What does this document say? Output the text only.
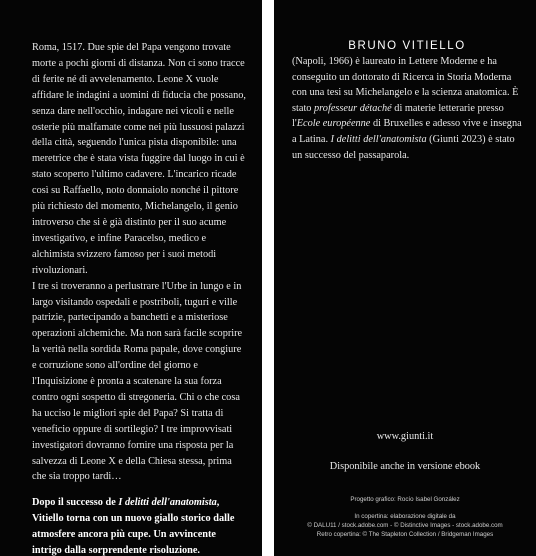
Roma, 1517. Due spie del Papa vengono trovate morte a pochi giorni di distanza. Non ci sono tracce di ferite né di avvelenamento. Leone X vuole affidare le indagini a uomini di fiducia che possano, senza dare nell'occhio, indagare nei vicoli e nelle osterie più malfamate come nei più lussuosi palazzi della città, seguendo l'unica pista disponibile: una meretrice che è stata vista fuggire dal luogo in cui è stato scoperto l'ultimo cadavere. L'incarico ricade così su Raffaello, noto donnaiolo nonché il pittore più richiesto del momento, Michelangelo, il genio introverso che si è già distinto per il suo acume investigativo, e infine Paracelso, medico e alchimista svizzero famoso per i suoi metodi rivoluzionari.

I tre si troveranno a perlustrare l'Urbe in lungo e in largo visitando ospedali e postriboli, tuguri e ville patrizie, partecipando a banchetti e a misteriose operazioni alchemiche. Ma non sarà facile scoprire la verità nella sordida Roma papale, dove congiure e corruzione sono all'ordine del giorno e l'Inquisizione è pronta a scatenare la sua forza contro ogni sospetto di stregoneria. Chi o che cosa ha ucciso le migliori spie del Papa? Si tratta di veneficio oppure di sortilegio? I tre improvvisati investigatori dovranno fornire una risposta per la salvezza di Leone X e della Chiesa stessa, prima che sia troppo tardi…

Dopo il successo de I delitti dell'anatomista, Vitiello torna con un nuovo giallo storico dalle atmosfere ancora più cupe. Un avvincente intrigo dalla sorprendente risoluzione.

BRUNO VITIELLO

(Napoli, 1966) è laureato in Lettere Moderne e ha conseguito un dottorato di Ricerca in Storia Moderna con una tesi su Michelangelo e la scienza anatomica. È stato professeur détaché di materie letterarie presso l'Ecole européenne di Bruxelles e adesso vive e insegna a Latina. I delitti dell'anatomista (Giunti 2023) è stato un successo del passaparola.

www.giunti.it
Disponibile anche in versione ebook
Progetto grafico: Rocío Isabel González
In copertina: elaborazione digitale da
© DALU11 / stock.adobe.com - © Distinctive Images - stock.adobe.com
Retro copertina: © The Stapleton Collection / Bridgeman Images
